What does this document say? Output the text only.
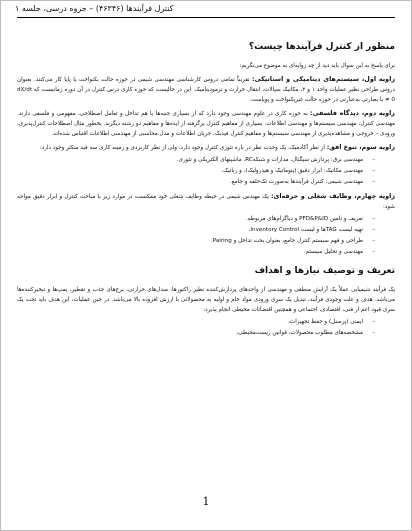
کنترل فرآیندها (۴۶۳۴۶) – جزوه درسی، جلسه ۱
منظور از کنترل فرآیندها چیست؟

برای پاسخ به این سوال باید دید از چه زوایه‌ای به موضوع می‌نگریم:

زاویه اول، سیستم‌های دینامیکی و استاتیکی: تقریباً تمامی دروس کارشناسی مهندسی شیمی در حوزه حالت یکنواخت یا پایا کار می‌کنند. بعنوان دروس طراحی نظیر عملیات واحد ۱ و ۲، مکانیک سیالات، انتقال حرارت و ترمودینامیک. این در حالیست که حوزه کاری درس کنترل در آن دوره زمانیست که dX/dt ≠ 0 یا بعبارتی به‌عبارتی در حوزه حالت غیریکنواخت و پویاست.

زاویه دوم، دیدگاه فلسفی: به حوزه کاری در علوم مهندسی وجود دارد که از بسیاری جنبه‌ها با هم تداخل و تعامل اصطلاحی، مفهومی و فلسفی دارند. مهندسی کنترل، مهندسی سیستم‌ها و مهندسی اطلاعات. بسیاری از مفاهیم کنترل برگرفته از ایده‌ها و مفاهیم دو رشته دیگرند. بخطور مثال اصطلاحات کنترل‌پذیری، ورودی – خروجی و مشاهده‌پذیری از مهندسی سیستم‌ها و مفاهیم کنترل فیدبک، جریان اطلاعات و مدل محاسبی از مهندسی اطلاعات اقتباس شده‌اند.

زاویه سوم، تنوع افق: از نظر آکادمیک، یک وحدت نظر در باره تئوری کنترل وجود دارد، ولی از نظر کاربردی و زمینه کاری سه قید متکثر وجود دارد:

– مهندسی برق: پردازش سیگنال، مدارات و شبکه‌RC، ماشینهای الکتریکی و تئوری.
– مهندسی مکانیک: ابزار دقیق (پنوماتیک و هیدرولیک)، و رباتیک.
– مهندسی شیمی: کنترل فرآیندها به‌صورت تک‌حلقه و جامع.

زاویه چهارم، وظایف شغلی و حرفه‌ای: یک مهندس شیمی در حیطه وظایف شغلی خود ممکنست در موارد زیر با مباحث کنترل و ابزار دقیق مواجه شود:

– تعریف و تامین PFD&P&ID و دیاگرام‌های مربوطه.
– تهیه لیست TAGها و لیست Inventory Control.
– طراحی و فهم سیستم کنترل جامع، بعنوان بحث تداخل و Pairing.
– مهندسی و تحلیل سیستم.
تعریف و توصیف نیازها و اهداف

یک فرآیند شیمیایی عملاً یک آرایش منطقی و مهندسی از واحدهای پردازش‌کننده نظیر راکتورها، مبدل‌های حرارتی، برج‌های جذب و تقطیر، پمپ‌ها و تبخیرکننده‌ها می‌باشد. هدف و علت وجودی فرآیند، تبدیل یک سری ورودی مواد خام و اولیه به محصولاتی با ارزش افزوده بالا می‌باشد. در حین عملیات، این هدف باید تحت یک سری قیود اعم از فنی، اقتصادی، اجتماعی و همچنین اقتضائات محیطی انجام پذیرد:

– ایمنی (پرسنل) و حفظ تجهیزات،
– مشخصه‌های مطلوب محصولات، قوانین زیست‌محیطی،
1
